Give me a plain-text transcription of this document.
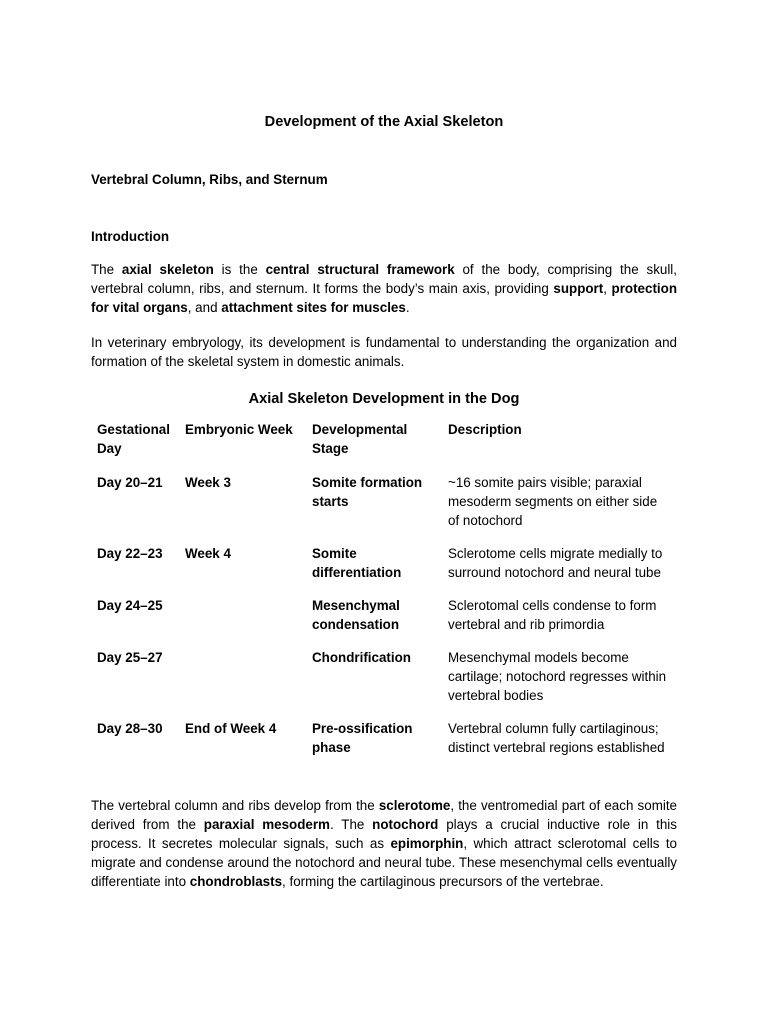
Development of the Axial Skeleton
Vertebral Column, Ribs, and Sternum
Introduction

The axial skeleton is the central structural framework of the body, comprising the skull, vertebral column, ribs, and sternum. It forms the body’s main axis, providing support, protection for vital organs, and attachment sites for muscles.

In veterinary embryology, its development is fundamental to understanding the organization and formation of the skeletal system in domestic animals.

Axial Skeleton Development in the Dog
Gestational Day	Embryonic Week	Developmental Stage	Description
Day 20–21	Week 3	Somite formation starts	~16 somite pairs visible; paraxial mesoderm segments on either side of notochord
Day 22–23	Week 4	Somite differentiation	Sclerotome cells migrate medially to surround notochord and neural tube
Day 24–25		Mesenchymal condensation	Sclerotomal cells condense to form vertebral and rib primordia
Day 25–27		Chondrification	Mesenchymal models become cartilage; notochord regresses within vertebral bodies
Day 28–30	End of Week 4	Pre-ossification phase	Vertebral column fully cartilaginous; distinct vertebral regions established

The vertebral column and ribs develop from the sclerotome, the ventromedial part of each somite derived from the paraxial mesoderm. The notochord plays a crucial inductive role in this process. It secretes molecular signals, such as epimorphin, which attract sclerotomal cells to migrate and condense around the notochord and neural tube. These mesenchymal cells eventually differentiate into chondroblasts, forming the cartilaginous precursors of the vertebrae.
